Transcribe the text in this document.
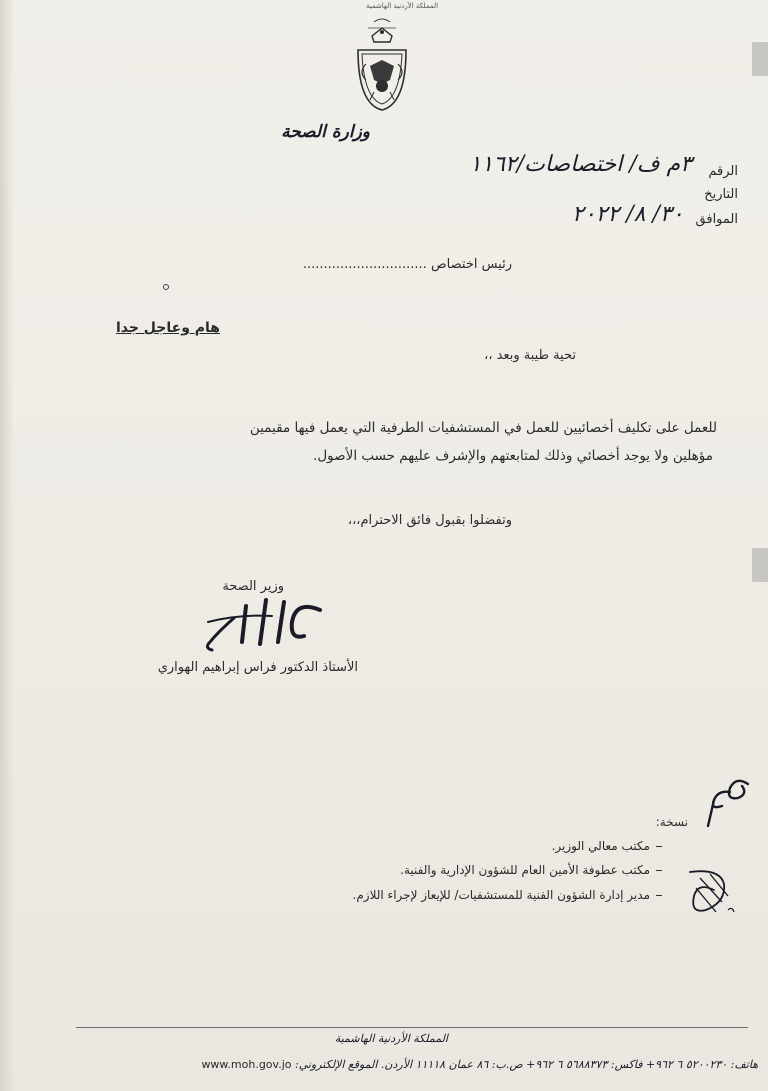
المملكة الأردنية الهاشمية
وزارة الصحة
الرقم
٣م ف/ اختصاصات/١١٦٢
التاريخ
الموافق
٣٠/ ٨/ ٢٠٢٢
رئيس اختصاص ..............................
هام وعاجل جدا
تحية طيبة وبعد ،،
للعمل على تكليف أخصائيين للعمل في المستشفيات الطرفية التي يعمل فيها مقيمين
مؤهلين ولا يوجد أخصائي وذلك لمتابعتهم والإشرف عليهم حسب الأصول.
وتفضلوا بقبول فائق الاحترام،،،
وزير الصحة
الأستاذ الدكتور فراس إبراهيم الهواري
نسخة:
مكتب معالي الوزير.
مكتب عطوفة الأمين العام للشؤون الإدارية والفنية.
مدير إدارة الشؤون الفنية للمستشفيات/ للإيعاز لإجراء اللازم.
المملكة الأردنية الهاشمية
www.moh.gov.jo هاتف: ٥٢٠٠٢٣٠ ٦ ٩٦٢+ فاكس: ٥٦٨٨٣٧٣ ٦ ٩٦٢+ ص.ب: ٨٦ عمان ١١١١٨ الأردن. الموقع الإلكتروني:
